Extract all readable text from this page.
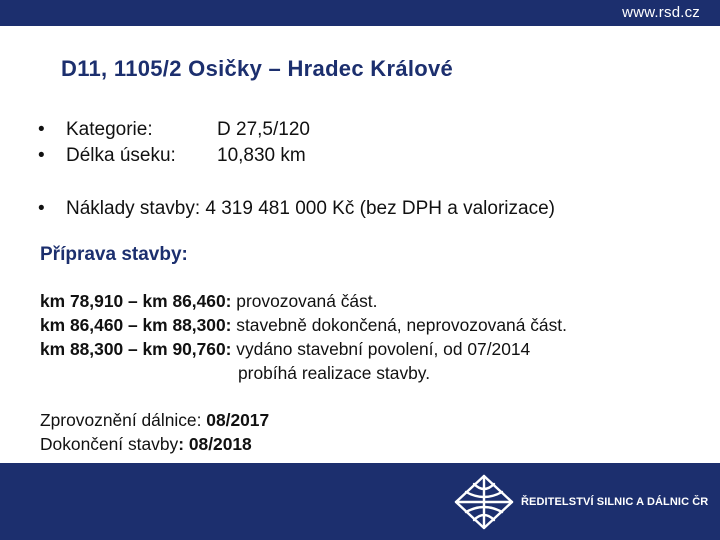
www.rsd.cz
D11, 1105/2 Osičky – Hradec Králové
• Kategorie:	D 27,5/120
• Délka úseku: 10,830 km
• Náklady stavby: 4 319 481 000 Kč (bez DPH a valorizace)
Příprava stavby:
km 78,910 – km 86,460: provozovaná část.
km 86,460 – km 88,300: stavebně dokončená, neprovozovaná část.
km 88,300 – km 90,760: vydáno stavební povolení, od 07/2014
probíhá realizace stavby.
Zprovoznění dálnice: 08/2017
Dokončení stavby: 08/2018
ŘEDITELSTVÍ SILNIC A DÁLNIC ČR
